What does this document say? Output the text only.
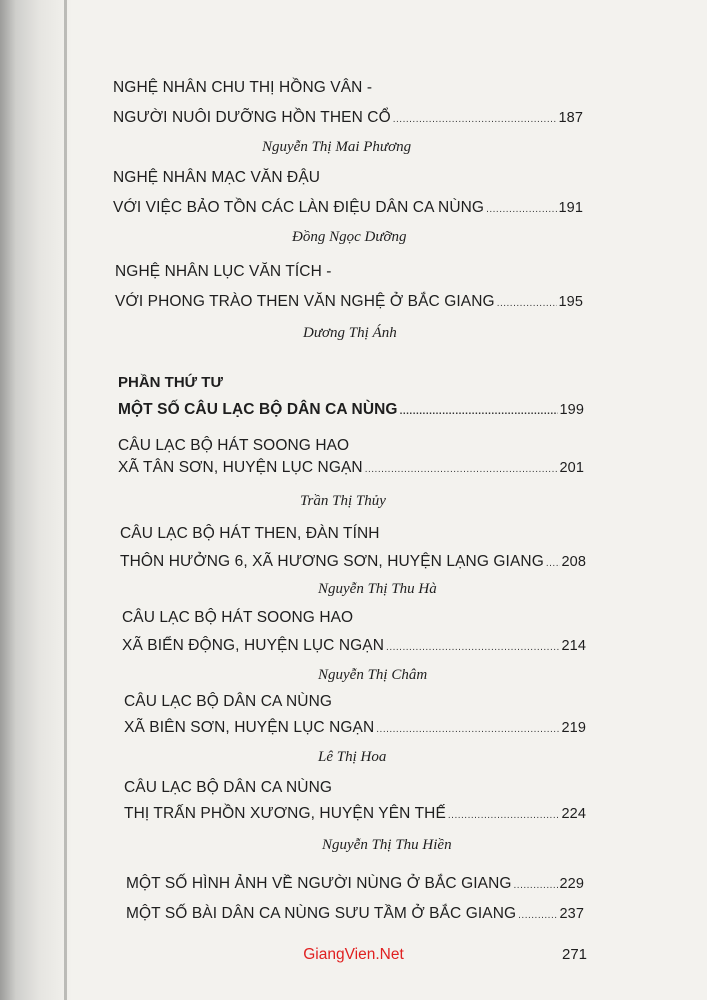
NGHỆ NHÂN CHU THỊ HỒNG VÂN -
NGƯỜI NUÔI DƯỠNG HỒN THEN CỔ .....	187
Nguyễn Thị Mai Phương
NGHỆ NHÂN MẠC VĂN ĐẬU
VỚI VIỆC BẢO TỒN CÁC LÀN ĐIỆU DÂN CA NÙNG .....	191
Đồng Ngọc Dưỡng
NGHỆ NHÂN LỤC VĂN TÍCH -
VỚI PHONG TRÀO THEN VĂN NGHỆ Ở BẮC GIANG .....	195
Dương Thị Ánh
PHẦN THỨ TƯ
MỘT SỐ CÂU LẠC BỘ DÂN CA NÙNG .....	199
CÂU LẠC BỘ HÁT SOONG HAO
XÃ TÂN SƠN, HUYỆN LỤC NGẠN .....	201
Trần Thị Thủy
CÂU LẠC BỘ HÁT THEN, ĐÀN TÍNH
THÔN HƯỞNG 6, XÃ HƯƠNG SƠN, HUYỆN LẠNG GIANG ..... 208
Nguyễn Thị Thu Hà
CÂU LẠC BỘ HÁT SOONG HAO
XÃ BIỂN ĐỘNG, HUYỆN LỤC NGẠN .....	214
Nguyễn Thị Châm
CÂU LẠC BỘ DÂN CA NÙNG
XÃ BIÊN SƠN, HUYỆN LỤC NGẠN .....	219
Lê Thị Hoa
CÂU LẠC BỘ DÂN CA NÙNG
THỊ TRẤN PHỒN XƯƠNG, HUYỆN YÊN THẾ .....	224
Nguyễn Thị Thu Hiền
MỘT SỐ HÌNH ẢNH VỀ NGƯỜI NÙNG Ở BẮC GIANG .....	229
MỘT SỐ BÀI DÂN CA NÙNG SƯU TẦM Ở BẮC GIANG .....	237
GiangVien.Net	271
